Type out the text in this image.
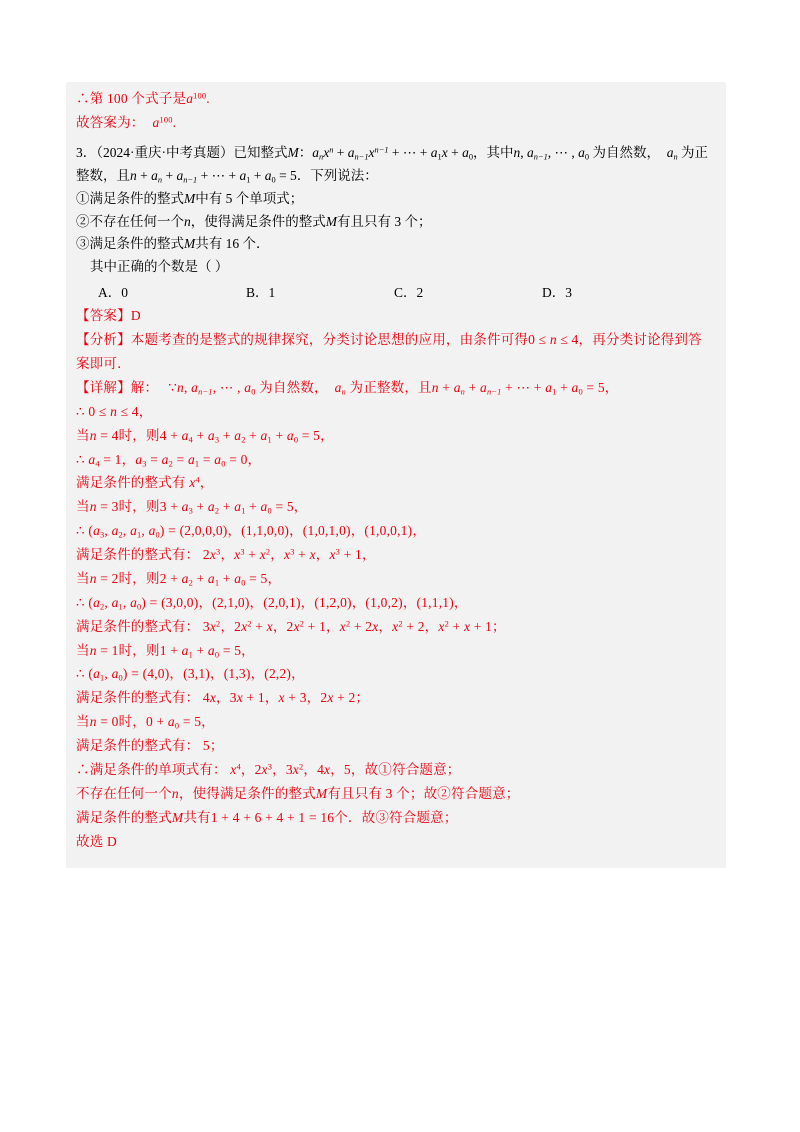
∴第 100 个式子是$a^{100}$.
故答案为： $a^{100}$.
3．（2024·重庆·中考真题）已知整式M：$a_nx^n + a_{n-1}x^{n-1}$ + ⋯ + $a_1x + a_0$，其中n, $a_{n-1}$, ⋯ , $a_0$ 为自然数，　$a_n$ 为正
整数，且$n + a_n + a_{n-1}$ + ⋯ + $a_1 + a_0 = 5$．下列说法：
①满足条件的整式M中有 5 个单项式；
②不存在任何一个n，使得满足条件的整式M有且只有 3 个；
③满足条件的整式M共有 16 个．
其中正确的个数是（ ）
A．0	B．1	C．2	D．3
【答案】D
【分析】本题考查的是整式的规律探究，分类讨论思想的应用，由条件可得0 ≤ n ≤ 4，再分类讨论得到答
案即可．
【详解】解： ∵n, $a_{n-1}$, ⋯ , $a_0$ 为自然数，　$a_n$ 为正整数，且$n + a_n + a_{n-1}$ + ⋯ + $a_1 + a_0 = 5$，
∴ 0 ≤ n ≤ 4，
当n = 4时，则$4 + a_4 + a_3 + a_2 + a_1 + a_0 = 5$，
∴ $a_4 = 1$，$a_3 = a_2 = a_1 = a_0 = 0$，
满足条件的整式有 $x^4$，
当n = 3时，则$3 + a_3 + a_2 + a_1 + a_0 = 5$，
∴ ($a_3$, $a_2$, $a_1$, $a_0) = (2,0,0,0)$，(1,1,0,0)，(1,0,1,0)，(1,0,0,1)，
满足条件的整式有： $2x^3$，$x^3 + x^2$，$x^3 + x$，$x^3 + 1$，
当n = 2时，则$2 + a_2 + a_1 + a_0 = 5$，
∴ ($a_2$, $a_1$, $a_0) = (3,0,0)$，(2,1,0)，(2,0,1)，(1,2,0)，(1,0,2)，(1,1,1)，
满足条件的整式有： $3x^2$，$2x^2 + x$，$2x^2 + 1$，$x^2 + 2x$，$x^2 + 2$，$x^2 + x + 1$；
当n = 1时，则$1 + a_1 + a_0 = 5$，
∴ ($a_1$, $a_0) = (4,0)$，(3,1)，(1,3)，(2,2)，
满足条件的整式有： 4x，3x + 1，x + 3，2x + 2；
当n = 0时，$0 + a_0 = 5$，
满足条件的整式有： 5；
∴满足条件的单项式有： $x^4$，$2x^3$，$3x^2$，4x，5，故①符合题意；
不存在任何一个n，使得满足条件的整式M有且只有 3 个；故②符合题意；
满足条件的整式M共有1 + 4 + 6 + 4 + 1 = 16个．故③符合题意；
故选 D
